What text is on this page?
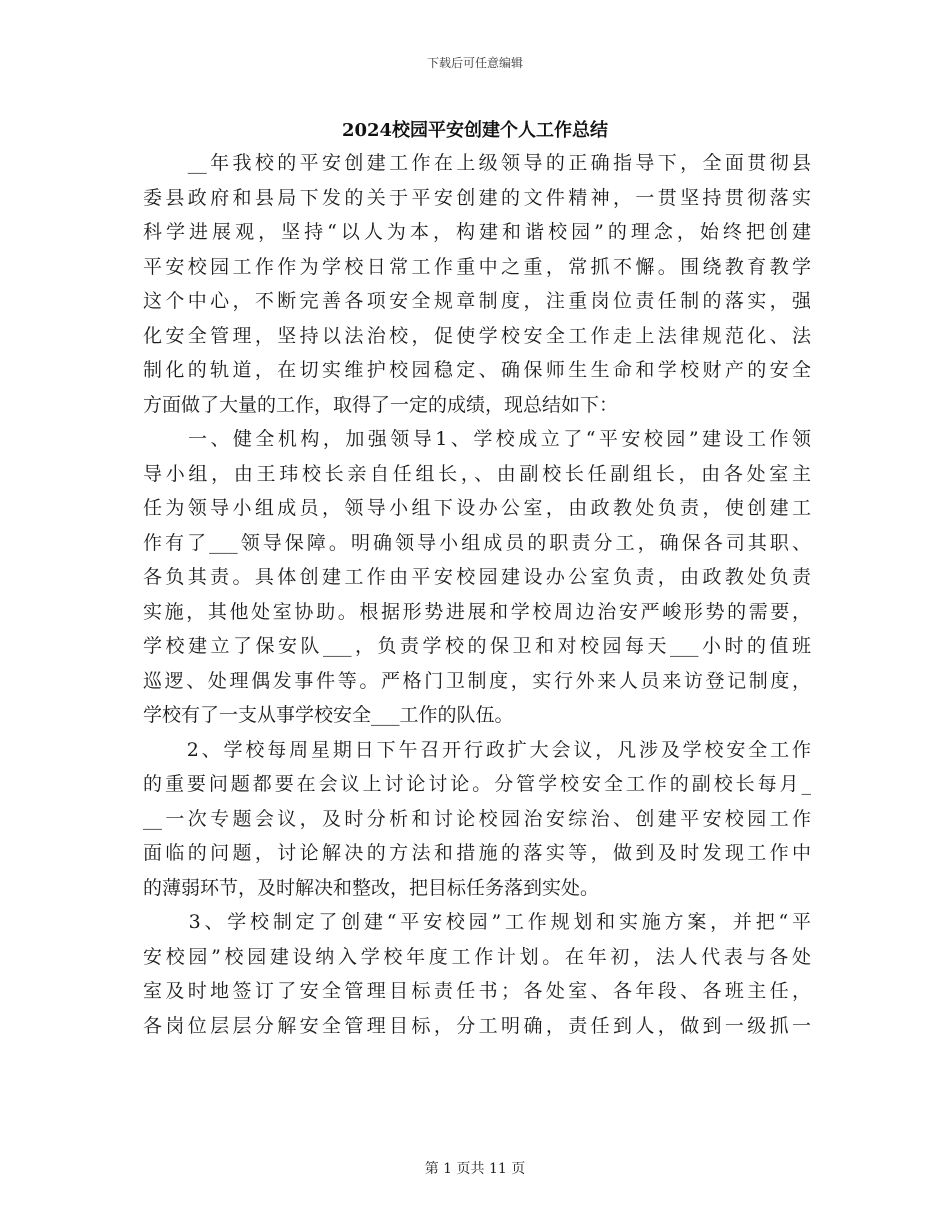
下载后可任意编辑
2024校园平安创建个人工作总结
　　__年我校的平安创建工作在上级领导的正确指导下，全面贯彻县
委县政府和县局下发的关于平安创建的文件精神，一贯坚持贯彻落实
科学进展观，坚持“以人为本，构建和谐校园”的理念，始终把创建
平安校园工作作为学校日常工作重中之重，常抓不懈。围绕教育教学
这个中心，不断完善各项安全规章制度，注重岗位责任制的落实，强
化安全管理，坚持以法治校，促使学校安全工作走上法律规范化、法
制化的轨道，在切实维护校园稳定、确保师生生命和学校财产的安全
方面做了大量的工作，取得了一定的成绩，现总结如下：
　　一、健全机构，加强领导1、学校成立了“平安校园”建设工作领
导小组，由王玮校长亲自任组长，、由副校长任副组长，由各处室主
任为领导小组成员，领导小组下设办公室，由政教处负责，使创建工
作有了___领导保障。明确领导小组成员的职责分工，确保各司其职、
各负其责。具体创建工作由平安校园建设办公室负责，由政教处负责
实施，其他处室协助。根据形势进展和学校周边治安严峻形势的需要，
学校建立了保安队___，负责学校的保卫和对校园每天___小时的值班
巡逻、处理偶发事件等。严格门卫制度，实行外来人员来访登记制度，
学校有了一支从事学校安全___工作的队伍。
　　2、学校每周星期日下午召开行政扩大会议，凡涉及学校安全工作
的重要问题都要在会议上讨论讨论。分管学校安全工作的副校长每月_
__一次专题会议，及时分析和讨论校园治安综治、创建平安校园工作
面临的问题，讨论解决的方法和措施的落实等，做到及时发现工作中
的薄弱环节，及时解决和整改，把目标任务落到实处。
　　3、学校制定了创建“平安校园”工作规划和实施方案，并把“平
安校园”校园建设纳入学校年度工作计划。在年初，法人代表与各处
室及时地签订了安全管理目标责任书；各处室、各年段、各班主任，
各岗位层层分解安全管理目标，分工明确，责任到人，做到一级抓一
第 1 页共 11 页
